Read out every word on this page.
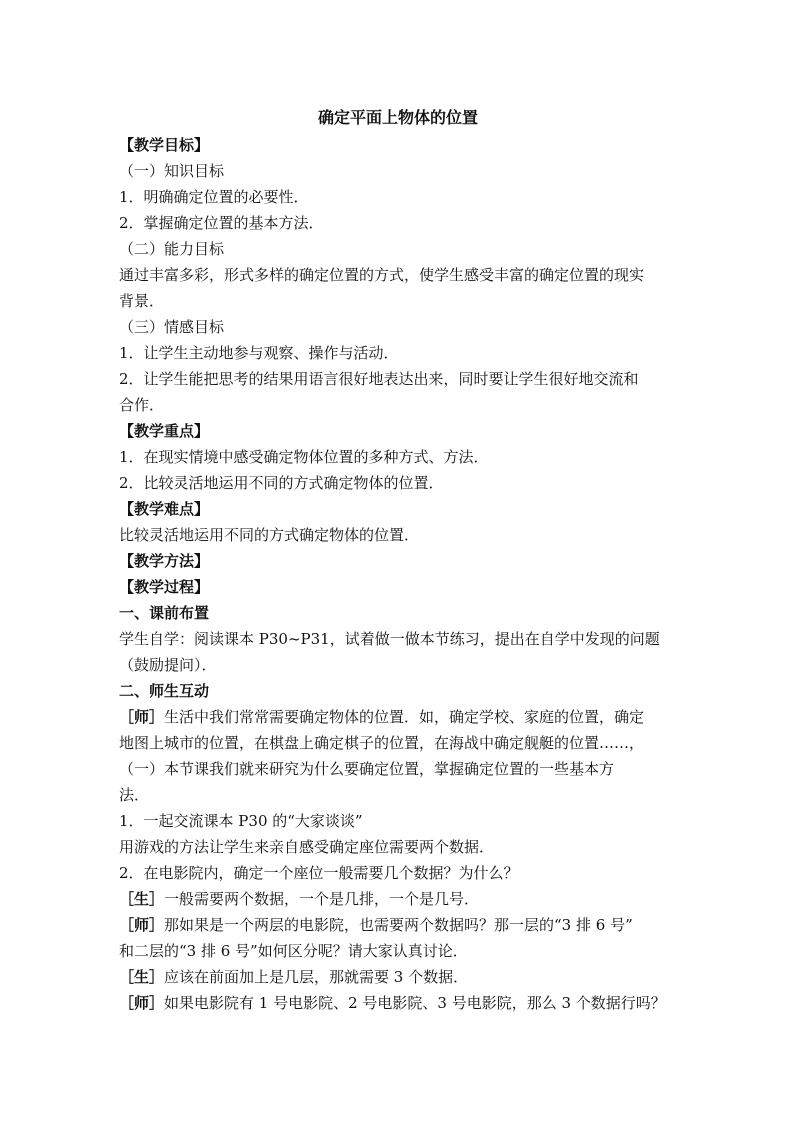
确定平面上物体的位置
【教学目标】
（一）知识目标
1．明确确定位置的必要性．
2．掌握确定位置的基本方法．
（二）能力目标
通过丰富多彩，形式多样的确定位置的方式，使学生感受丰富的确定位置的现实
背景．
（三）情感目标
1．让学生主动地参与观察、操作与活动．
2．让学生能把思考的结果用语言很好地表达出来，同时要让学生很好地交流和
合作．
【教学重点】
1．在现实情境中感受确定物体位置的多种方式、方法．
2．比较灵活地运用不同的方式确定物体的位置．
【教学难点】
比较灵活地运用不同的方式确定物体的位置．
【教学方法】
【教学过程】
一、课前布置
学生自学：阅读课本 P30~P31，试着做一做本节练习，提出在自学中发现的问题
（鼓励提问）．
二、师生互动
［师］生活中我们常常需要确定物体的位置．如，确定学校、家庭的位置，确定
地图上城市的位置，在棋盘上确定棋子的位置，在海战中确定舰艇的位置……，
（一）本节课我们就来研究为什么要确定位置，掌握确定位置的一些基本方
法．
1．一起交流课本 P30 的“大家谈谈”
用游戏的方法让学生来亲自感受确定座位需要两个数据．
2．在电影院内，确定一个座位一般需要几个数据？为什么？
［生］一般需要两个数据，一个是几排，一个是几号．
［师］那如果是一个两层的电影院，也需要两个数据吗？那一层的“3 排 6 号”
和二层的“3 排 6 号”如何区分呢？请大家认真讨论．
［生］应该在前面加上是几层，那就需要 3 个数据．
［师］如果电影院有 1 号电影院、2 号电影院、3 号电影院，那么 3 个数据行吗？
